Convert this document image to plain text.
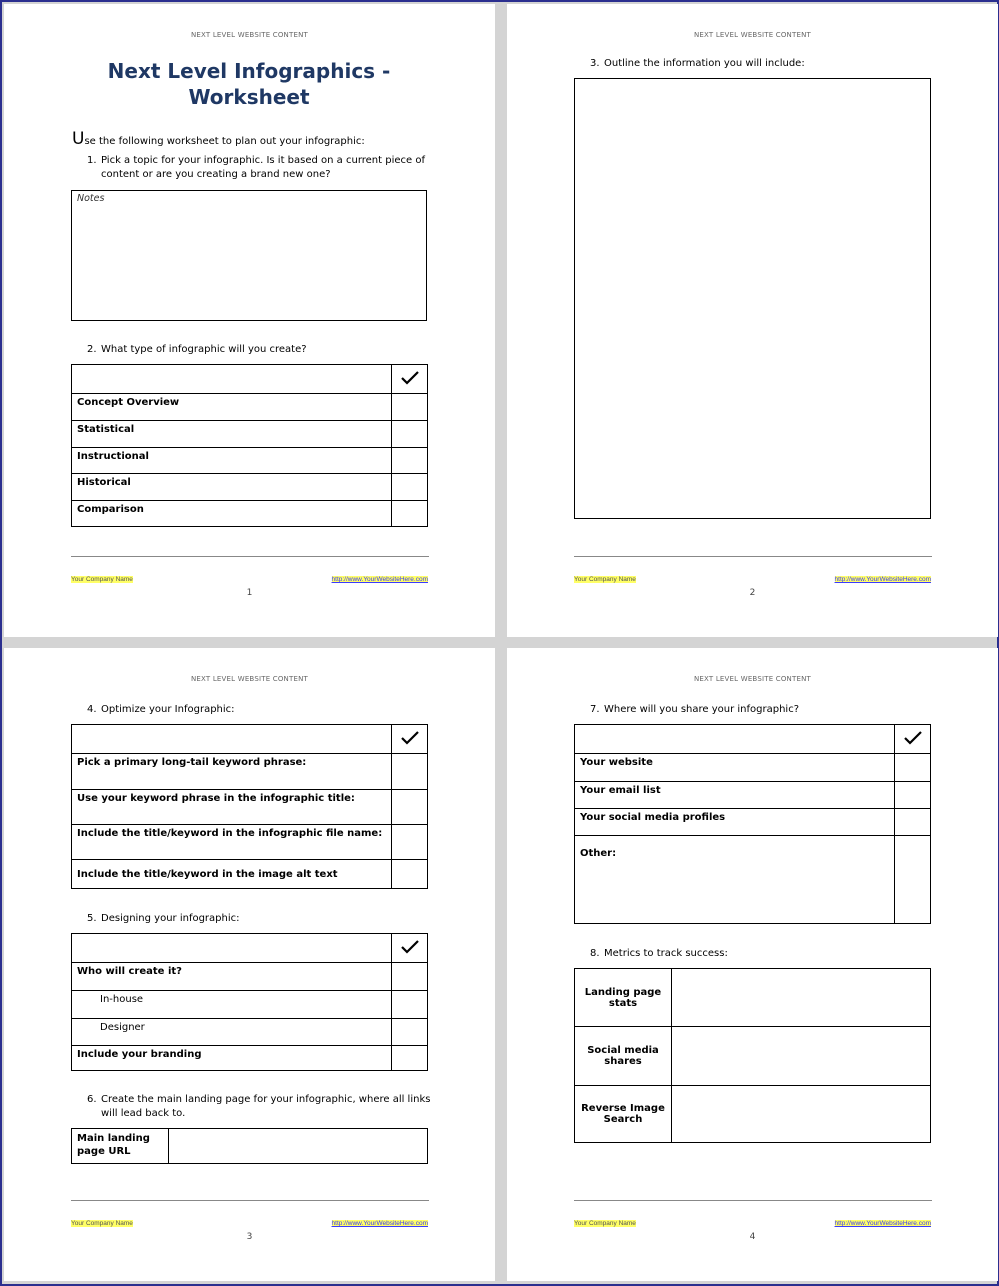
NEXT LEVEL WEBSITE CONTENT
Next Level Infographics -
Worksheet
Use the following worksheet to plan out your infographic:
1. Pick a topic for your infographic. Is it based on a current piece of
content or are you creating a brand new one?
Notes
2. What type of infographic will you create?

Concept Overview	
Statistical	
Instructional	
Historical	
Comparison	
Your Company Name	http://www.YourWebsiteHere.com
1
NEXT LEVEL WEBSITE CONTENT
3. Outline the information you will include:
Your Company Name	http://www.YourWebsiteHere.com
2
NEXT LEVEL WEBSITE CONTENT
4. Optimize your Infographic:

Pick a primary long-tail keyword phrase:	
Use your keyword phrase in the infographic title:	
Include the title/keyword in the infographic file name:	
Include the title/keyword in the image alt text	
5. Designing your infographic:

Who will create it?	
In-house	
Designer	
Include your branding	
6. Create the main landing page for your infographic, where all links
will lead back to.
Main landing
page URL

Your Company Name	http://www.YourWebsiteHere.com
3
NEXT LEVEL WEBSITE CONTENT
7. Where will you share your infographic?

Your website	
Your email list	
Your social media profiles	
Other:	
8. Metrics to track success:
Landing page
stats	

Social media
shares	

Reverse Image
Search	

Your Company Name	http://www.YourWebsiteHere.com
4
